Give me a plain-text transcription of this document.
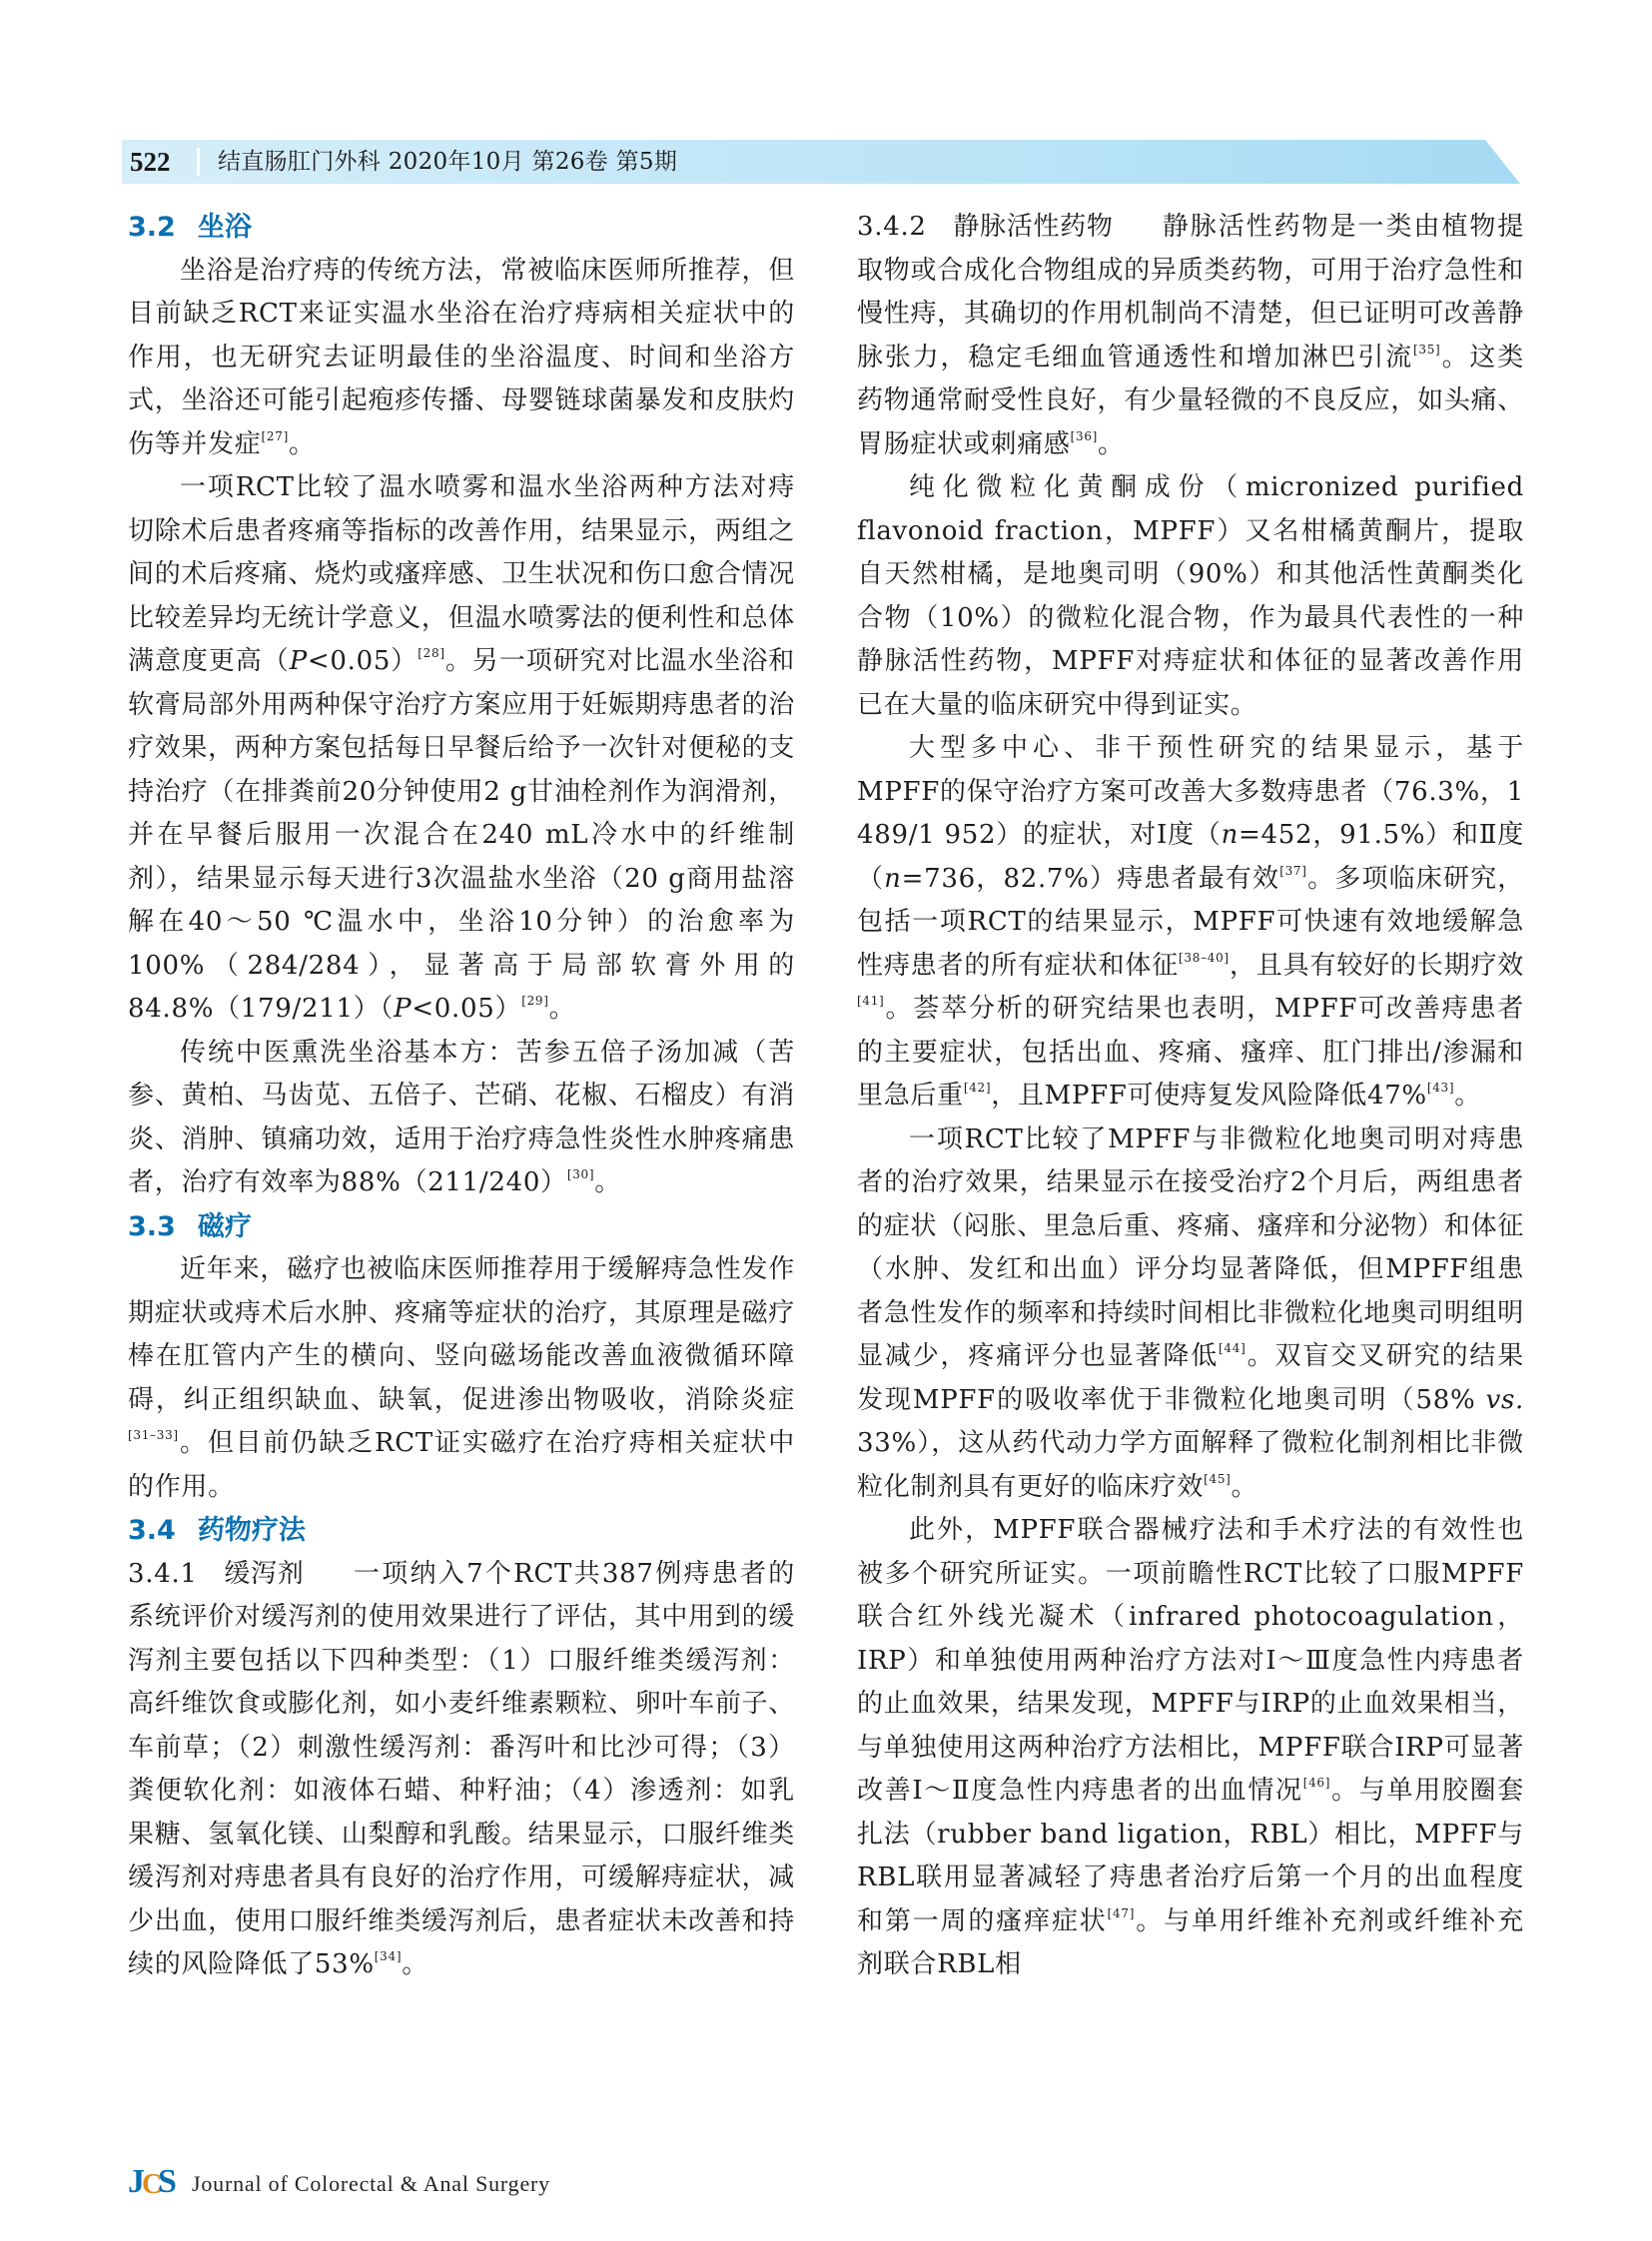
522 结直肠肛门外科 2020年10月 第26卷 第5期
3.2 坐浴

坐浴是治疗痔的传统方法，常被临床医师所推荐，但目前缺乏RCT来证实温水坐浴在治疗痔病相关症状中的作用，也无研究去证明最佳的坐浴温度、时间和坐浴方式，坐浴还可能引起疱疹传播、母婴链球菌暴发和皮肤灼伤等并发症[27]。

一项RCT比较了温水喷雾和温水坐浴两种方法对痔切除术后患者疼痛等指标的改善作用，结果显示，两组之间的术后疼痛、烧灼或瘙痒感、卫生状况和伤口愈合情况比较差异均无统计学意义，但温水喷雾法的便利性和总体满意度更高（P<0.05）[28]。另一项研究对比温水坐浴和软膏局部外用两种保守治疗方案应用于妊娠期痔患者的治疗效果，两种方案包括每日早餐后给予一次针对便秘的支持治疗（在排粪前20分钟使用2 g甘油栓剂作为润滑剂，并在早餐后服用一次混合在240 mL冷水中的纤维制剂），结果显示每天进行3次温盐水坐浴（20 g商用盐溶解在40～50 ℃温水中，坐浴10分钟）的治愈率为100%（284/284），显著高于局部软膏外用的84.8%（179/211）（P<0.05）[29]。

传统中医熏洗坐浴基本方：苦参五倍子汤加减（苦参、黄柏、马齿苋、五倍子、芒硝、花椒、石榴皮）有消炎、消肿、镇痛功效，适用于治疗痔急性炎性水肿疼痛患者，治疗有效率为88%（211/240）[30]。

3.3 磁疗

近年来，磁疗也被临床医师推荐用于缓解痔急性发作期症状或痔术后水肿、疼痛等症状的治疗，其原理是磁疗棒在肛管内产生的横向、竖向磁场能改善血液微循环障碍，纠正组织缺血、缺氧，促进渗出物吸收，消除炎症[31–33]。但目前仍缺乏RCT证实磁疗在治疗痔相关症状中的作用。

3.4 药物疗法

3.4.1　缓泻剂 一项纳入7个RCT共387例痔患者的系统评价对缓泻剂的使用效果进行了评估，其中用到的缓泻剂主要包括以下四种类型：（1）口服纤维类缓泻剂：高纤维饮食或膨化剂，如小麦纤维素颗粒、卵叶车前子、车前草；（2）刺激性缓泻剂：番泻叶和比沙可得；（3）粪便软化剂：如液体石蜡、种籽油；（4）渗透剂：如乳果糖、氢氧化镁、山梨醇和乳酸。结果显示，口服纤维类缓泻剂对痔患者具有良好的治疗作用，可缓解痔症状，减少出血，使用口服纤维类缓泻剂后，患者症状未改善和持续的风险降低了53%[34]。

3.4.2　静脉活性药物 静脉活性药物是一类由植物提取物或合成化合物组成的异质类药物，可用于治疗急性和慢性痔，其确切的作用机制尚不清楚，但已证明可改善静脉张力，稳定毛细血管通透性和增加淋巴引流[35]。这类药物通常耐受性良好，有少量轻微的不良反应，如头痛、胃肠症状或刺痛感[36]。

纯化微粒化黄酮成份（micronized purified flavonoid fraction，MPFF）又名柑橘黄酮片，提取自天然柑橘，是地奥司明（90%）和其他活性黄酮类化合物（10%）的微粒化混合物，作为最具代表性的一种静脉活性药物，MPFF对痔症状和体征的显著改善作用已在大量的临床研究中得到证实。

大型多中心、非干预性研究的结果显示，基于MPFF的保守治疗方案可改善大多数痔患者（76.3%，1 489/1 952）的症状，对Ⅰ度（n=452，91.5%）和Ⅱ度（n=736，82.7%）痔患者最有效[37]。多项临床研究，包括一项RCT的结果显示，MPFF可快速有效地缓解急性痔患者的所有症状和体征[38–40]，且具有较好的长期疗效[41]。荟萃分析的研究结果也表明，MPFF可改善痔患者的主要症状，包括出血、疼痛、瘙痒、肛门排出/渗漏和里急后重[42]，且MPFF可使痔复发风险降低47%[43]。

一项RCT比较了MPFF与非微粒化地奥司明对痔患者的治疗效果，结果显示在接受治疗2个月后，两组患者的症状（闷胀、里急后重、疼痛、瘙痒和分泌物）和体征（水肿、发红和出血）评分均显著降低，但MPFF组患者急性发作的频率和持续时间相比非微粒化地奥司明组明显减少，疼痛评分也显著降低[44]。双盲交叉研究的结果发现MPFF的吸收率优于非微粒化地奥司明（58% vs. 33%），这从药代动力学方面解释了微粒化制剂相比非微粒化制剂具有更好的临床疗效[45]。

此外，MPFF联合器械疗法和手术疗法的有效性也被多个研究所证实。一项前瞻性RCT比较了口服MPFF联合红外线光凝术（infrared photocoagulation，IRP）和单独使用两种治疗方法对Ⅰ～Ⅲ度急性内痔患者的止血效果，结果发现，MPFF与IRP的止血效果相当，与单独使用这两种治疗方法相比，MPFF联合IRP可显著改善Ⅰ～Ⅱ度急性内痔患者的出血情况[46]。与单用胶圈套扎法（rubber band ligation，RBL）相比，MPFF与RBL联用显著减轻了痔患者治疗后第一个月的出血程度和第一周的瘙痒症状[47]。与单用纤维补充剂或纤维补充剂联合RBL相

J
C
S Journal of Colorectal & Anal Surgery
